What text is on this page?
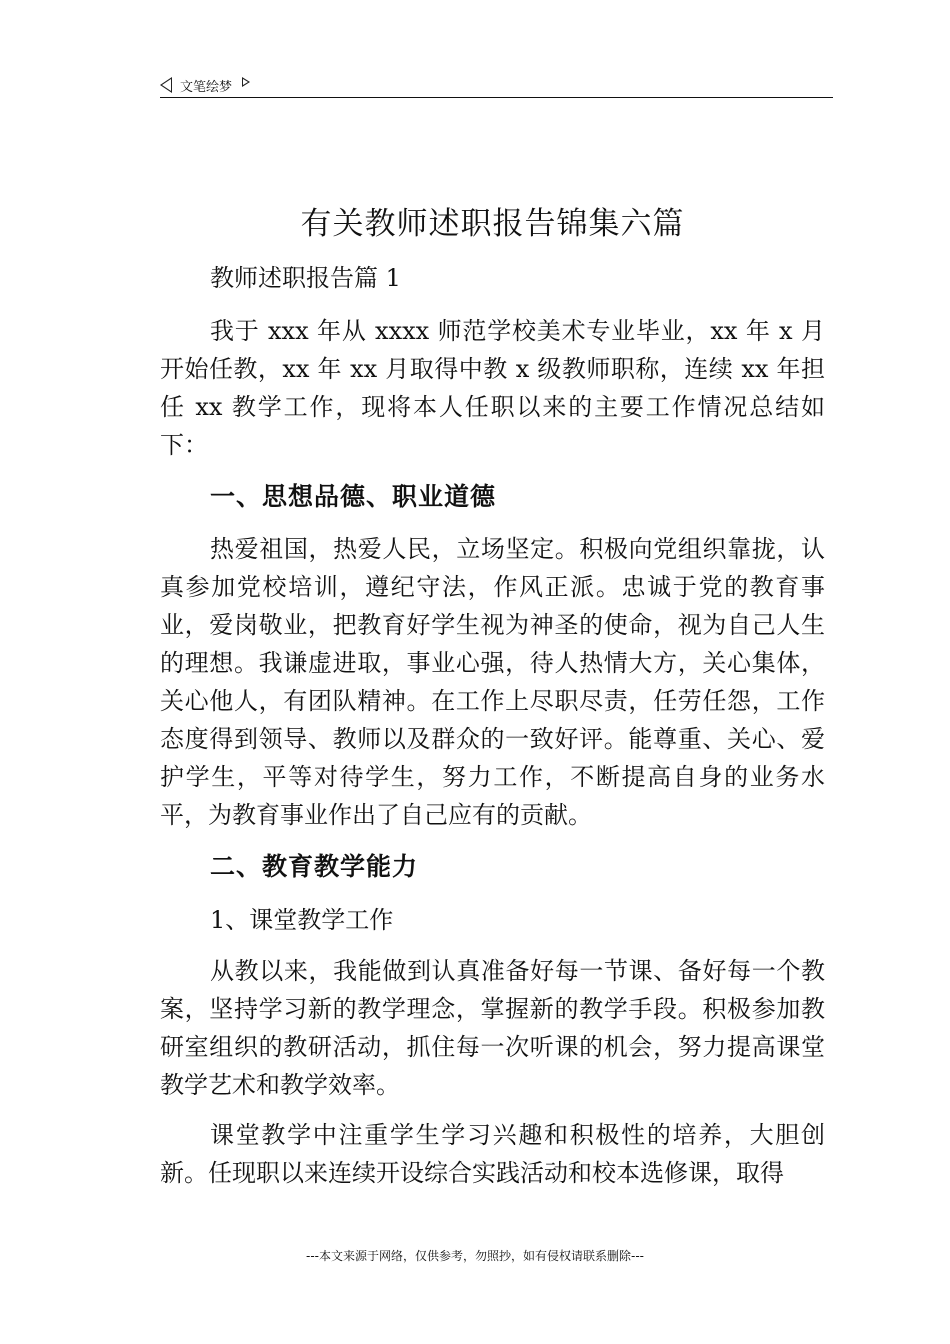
文笔绘梦
有关教师述职报告锦集六篇
教师述职报告篇 1

我于 xxx 年从 xxxx 师范学校美术专业毕业，xx 年 x 月开始任教，xx 年 xx 月取得中教 x 级教师职称，连续 xx 年担任 xx 教学工作，现将本人任职以来的主要工作情况总结如下：

一、思想品德、职业道德

热爱祖国，热爱人民，立场坚定。积极向党组织靠拢，认真参加党校培训，遵纪守法，作风正派。忠诚于党的教育事业，爱岗敬业，把教育好学生视为神圣的使命，视为自己人生的理想。我谦虚进取，事业心强，待人热情大方，关心集体，关心他人，有团队精神。在工作上尽职尽责，任劳任怨，工作态度得到领导、教师以及群众的一致好评。能尊重、关心、爱护学生，平等对待学生，努力工作，不断提高自身的业务水平，为教育事业作出了自己应有的贡献。

二、教育教学能力
1、课堂教学工作

从教以来，我能做到认真准备好每一节课、备好每一个教案，坚持学习新的教学理念，掌握新的教学手段。积极参加教研室组织的教研活动，抓住每一次听课的机会，努力提高课堂教学艺术和教学效率。

课堂教学中注重学生学习兴趣和积极性的培养，大胆创新。任现职以来连续开设综合实践活动和校本选修课，取得

---本文来源于网络，仅供参考，勿照抄，如有侵权请联系删除---
